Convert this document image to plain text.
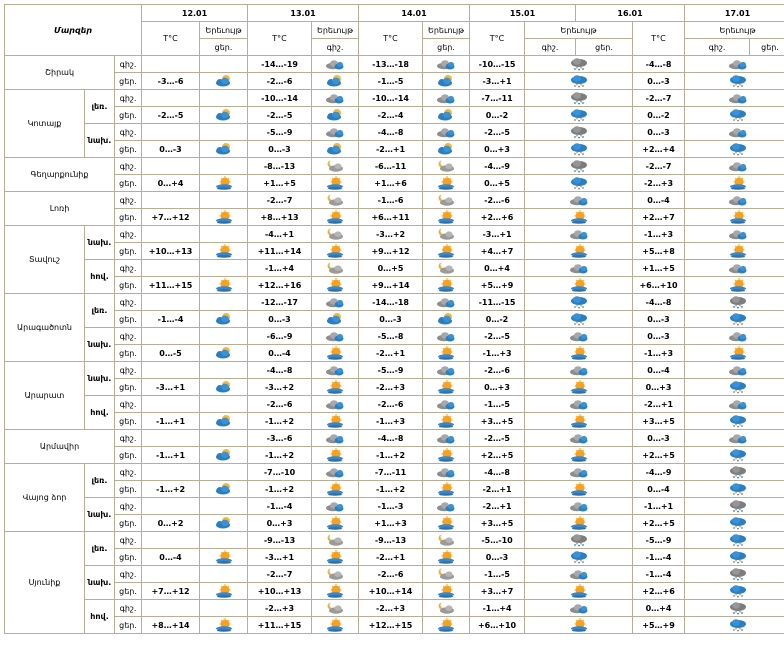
Մարզեր			12.01		13.01		14.01		15.01		16.01		17.01		
			T°C	Երեւույթ	T°C	Երեւույթ	T°C	Երեւույթ	T°C	Երեւույթ		T°C	Երեւույթ		
				ցեր.		գիշ.		ցեր.		գիշ.	ցեր.		գիշ.	ցեր.		
Շիրակ		գիշ.			-14…-19		-13…-18		-10…-15			-4…-8			
		ցեր.	-3…-6		-2…-6		-1…-5		-3…+1			0…-3			
Կոտայք	լեռ.	գիշ.			-10…-14		-10…-14		-7…-11			-2…-7			
		ցեր.	-2…-5		-2…-5		-2…-4		0…-2			0…-2			
	նախ.	գիշ.			-5…-9		-4…-8		-2…-5			0…-3			
		ցեր.	0…-3		0…-3		-2…+1		0…+3			+2…+4			
Գեղարքունիք		գիշ.			-8…-13		-6…-11		-4…-9			-2…-7			
		ցեր.	0…+4		+1…+5		+1…+6		0…+5			-2…+3			
Լոռի		գիշ.			-2…-7		-1…-6		-2…-6			0…-4			
		ցեր.	+7…+12		+8…+13		+6…+11		+2…+6			+2…+7			
Տավուշ	նախ.	գիշ.			-4…+1		-3…+2		-3…+1			-1…+3			
		ցեր.	+10…+13		+11…+14		+9…+12		+4…+7			+5…+8			
	հով.	գիշ.			-1…+4		0…+5		0…+4			+1…+5			
		ցեր.	+11…+15		+12…+16		+9…+14		+5…+9			+6…+10			
Արագածոտն	լեռ.	գիշ.			-12…-17		-14…-18		-11…-15			-4…-8			
		ցեր.	-1…-4		0…-3		0…-3		0…-2			0…-3			
	նախ.	գիշ.			-6…-9		-5…-8		-2…-5			0…-3			
		ցեր.	0…-5		0…-4		-2…+1		-1…+3			-1…+3			
Արարատ	նախ.	գիշ.			-4…-8		-5…-9		-2…-6			0…-4			
		ցեր.	-3…+1		-3…+2		-2…+3		0…+3			0…+3			
	հով.	գիշ.			-2…-6		-2…-6		-1…-5			-2…+1			
		ցեր.	-1…+1		-1…+2		-1…+3		+3…+5			+3…+5			
Արմավիր		գիշ.			-3…-6		-4…-8		-2…-5			0…-3			
		ցեր.	-1…+1		-1…+2		-1…+2		+2…+5			+2…+5			
Վայոց ձոր	լեռ.	գիշ.			-7…-10		-7…-11		-4…-8			-4…-9			
		ցեր.	-1…+2		-1…+2		-1…+2		-2…+1			0…-4			
	նախ.	գիշ.			-1…-4		-1…-3		-2…+1			-1…+1			
		ցեր.	0…+2		0…+3		+1…+3		+3…+5			+2…+5			
Սյունիք	լեռ.	գիշ.			-9…-13		-9…-13		-5…-10			-5…-9			
		ցեր.	0…-4		-3…+1		-2…+1		0…-3			-1…-4			
	նախ.	գիշ.			-2…-7		-2…-6		-1…-5			-1…-4			
		ցեր.	+7…+12		+10…+13		+10…+14		+3…+7			+2…+6			
	հով.	գիշ.			-2…+3		-2…+3		-1…+4			0…+4			
		ցեր.	+8…+14		+11…+15		+12…+15		+6…+10			+5…+9			
